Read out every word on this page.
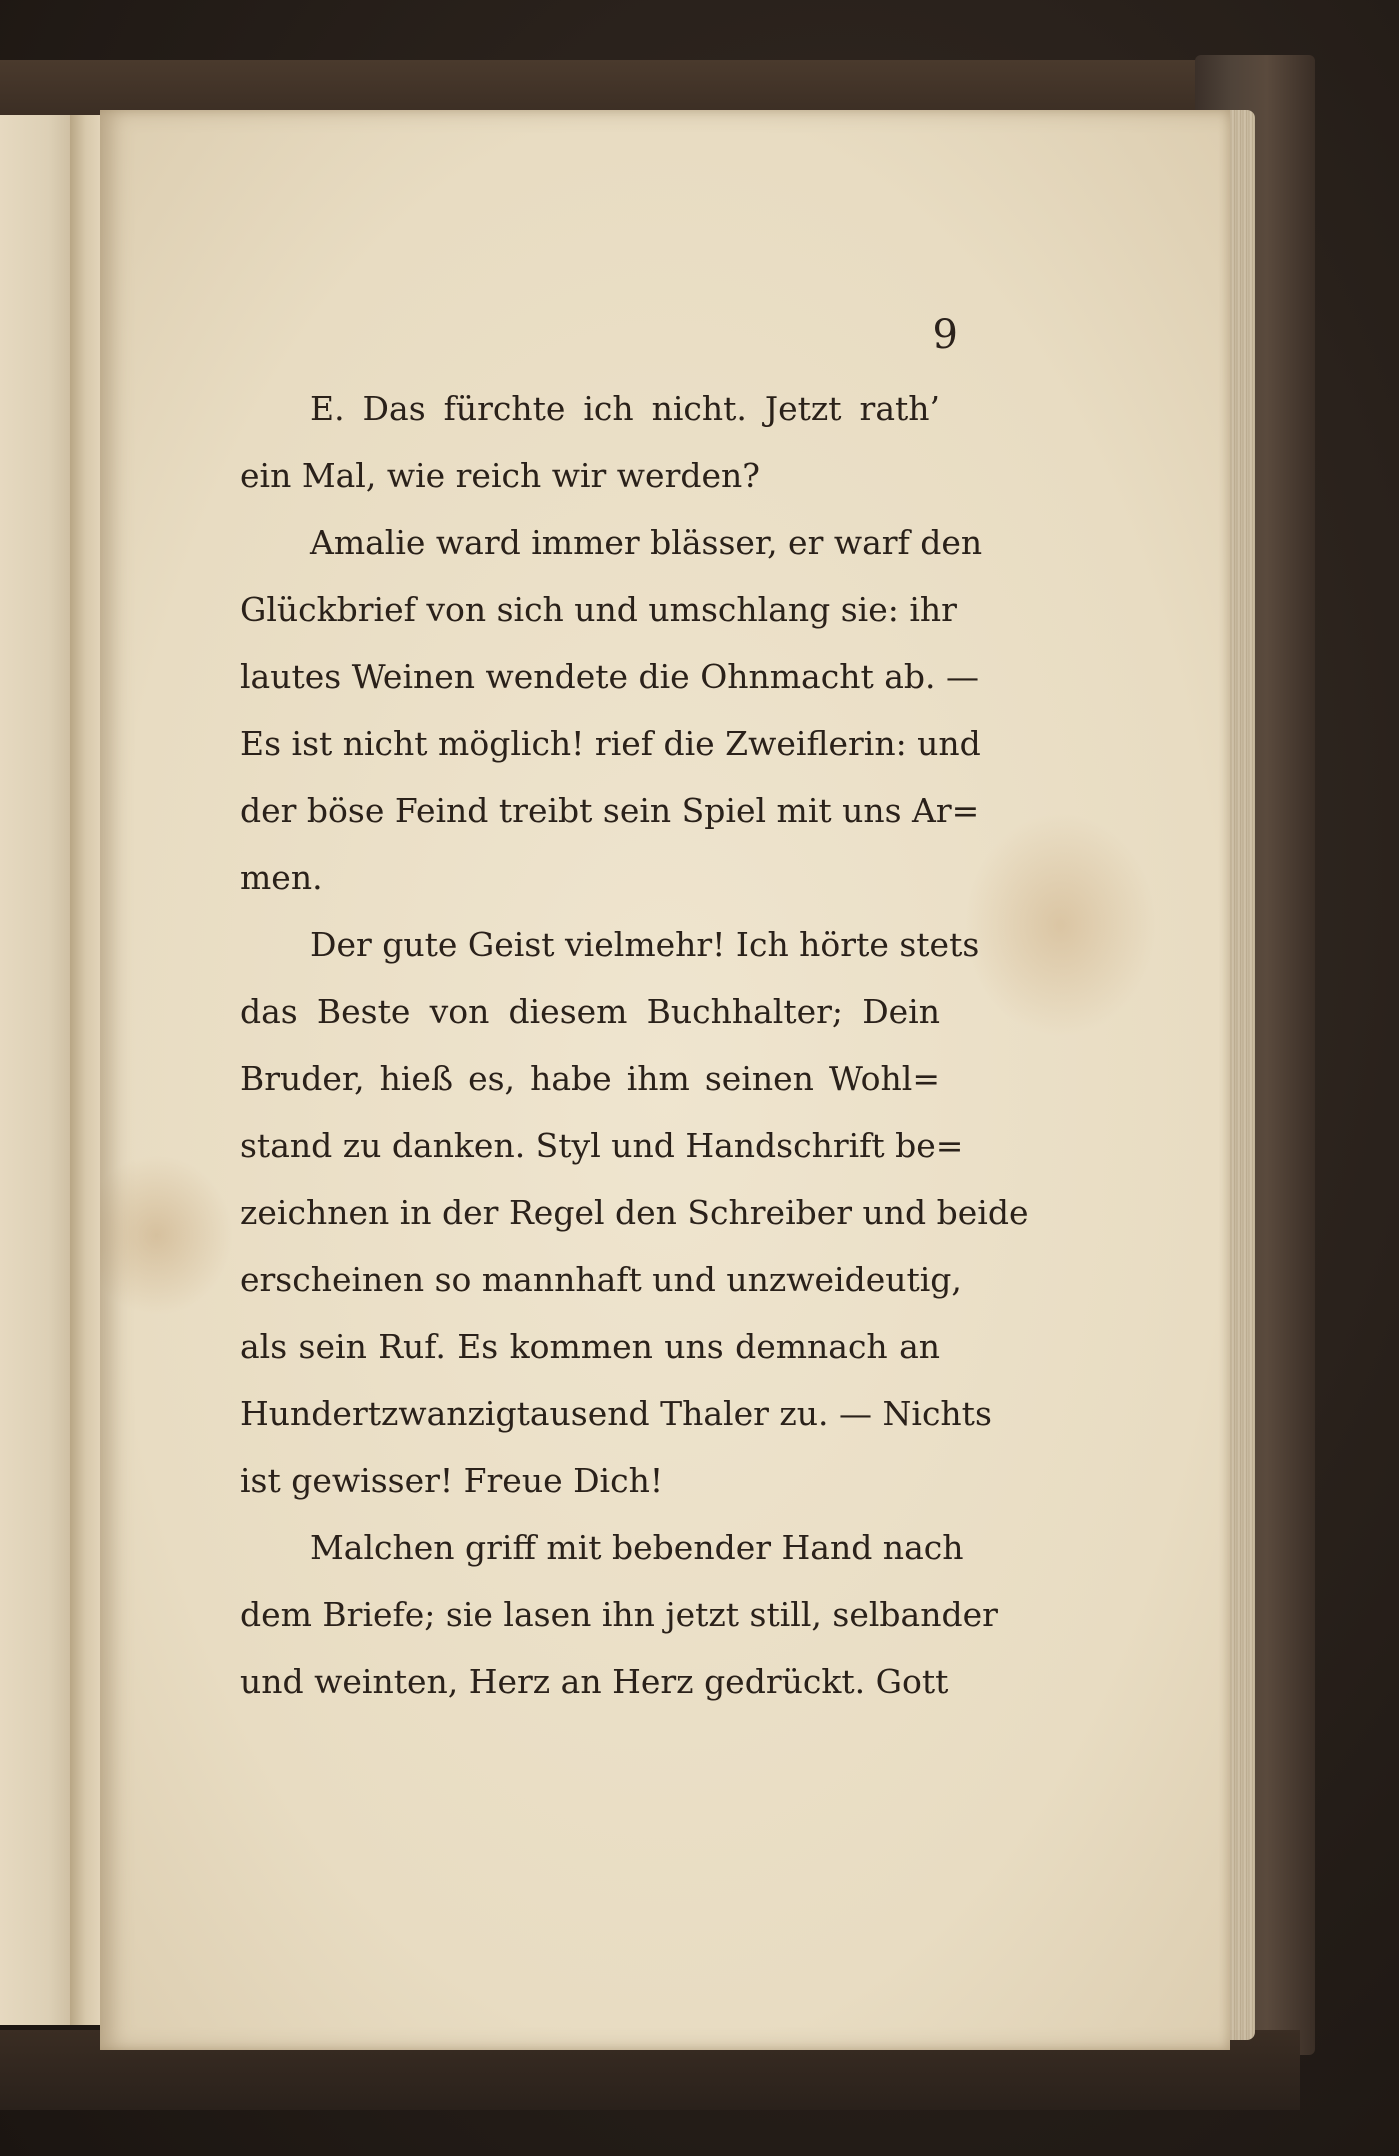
9
E. Das fürchte ich nicht. Jetzt rath’
ein Mal, wie reich wir werden?
Amalie ward immer blässer, er warf den
Glückbrief von sich und umschlang sie: ihr
lautes Weinen wendete die Ohnmacht ab. —
Es ist nicht möglich! rief die Zweiflerin: und
der böse Feind treibt sein Spiel mit uns Ar=
men.
Der gute Geist vielmehr! Ich hörte stets
das Beste von diesem Buchhalter; Dein
Bruder, hieß es, habe ihm seinen Wohl=
stand zu danken. Styl und Handschrift be=
zeichnen in der Regel den Schreiber und beide
erscheinen so mannhaft und unzweideutig,
als sein Ruf. Es kommen uns demnach an
Hundertzwanzigtausend Thaler zu. — Nichts
ist gewisser! Freue Dich!
Malchen griff mit bebender Hand nach
dem Briefe; sie lasen ihn jetzt still, selbander
und weinten, Herz an Herz gedrückt. Gott
